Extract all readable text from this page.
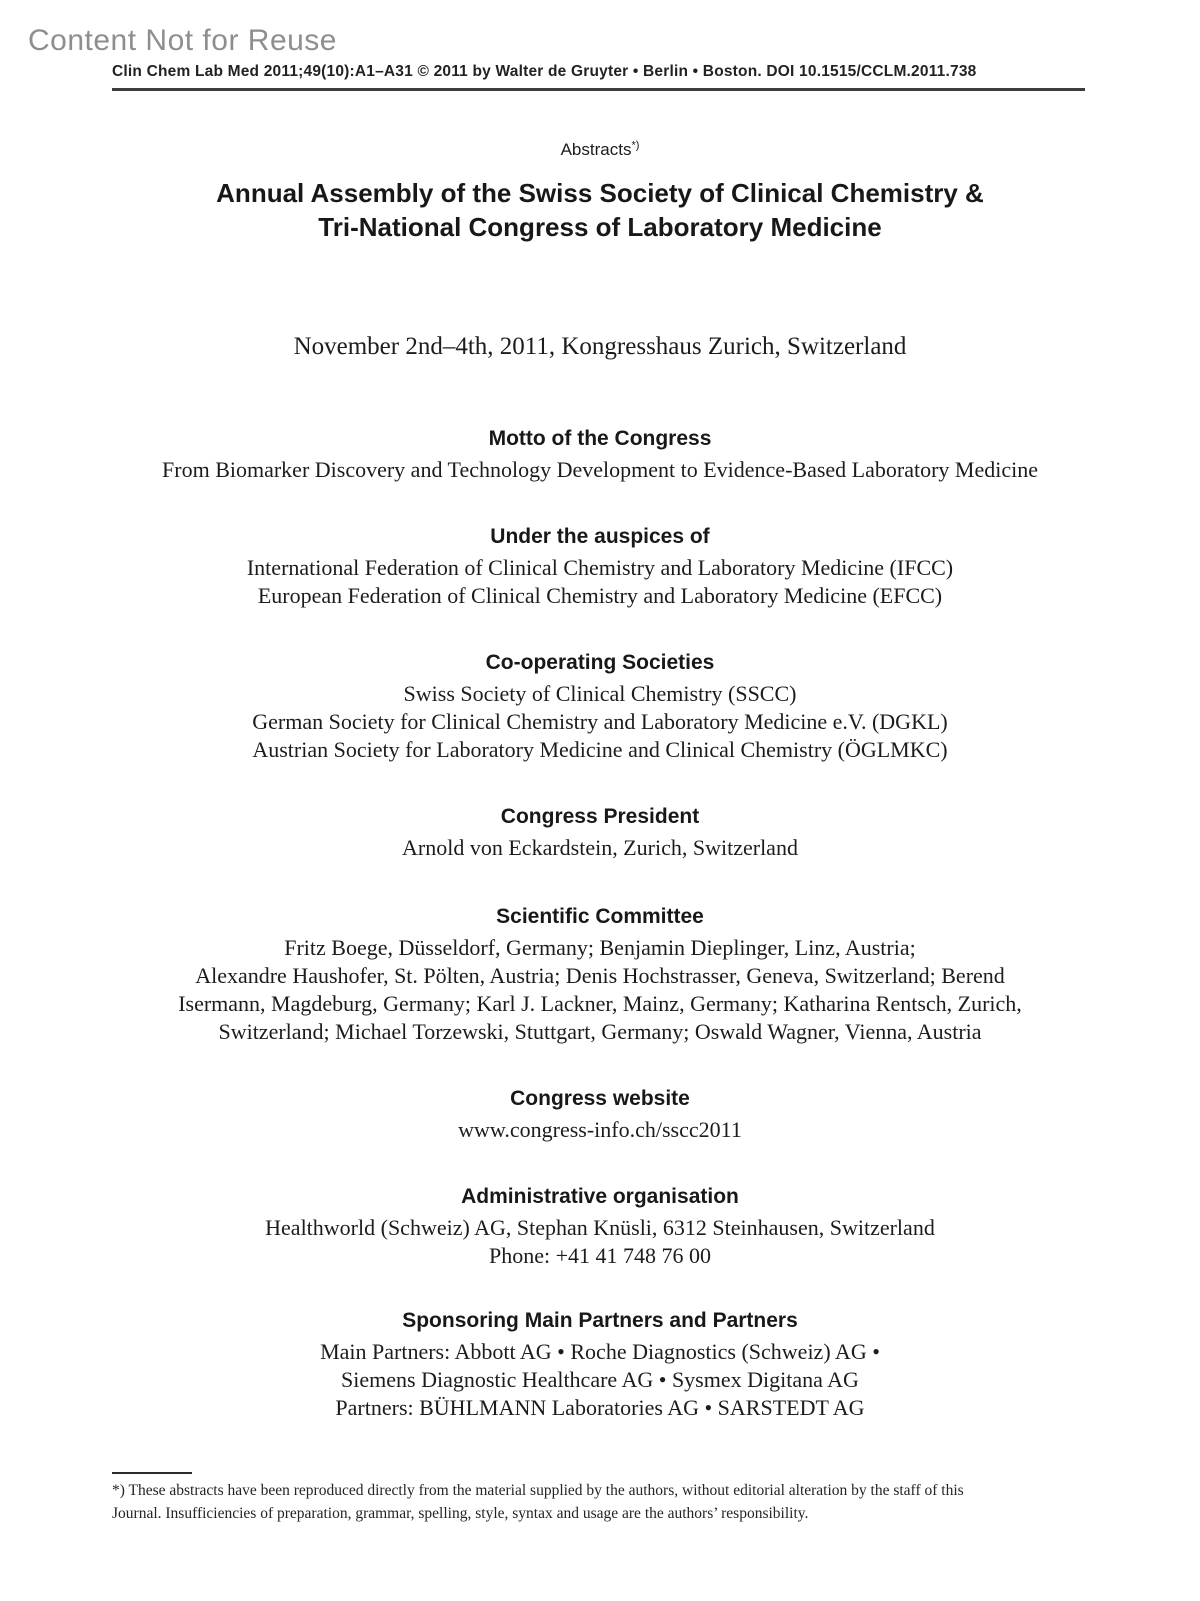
Content Not for Reuse
Clin Chem Lab Med 2011;49(10):A1–A31 © 2011 by Walter de Gruyter • Berlin • Boston. DOI 10.1515/CCLM.2011.738
Abstracts*)
Annual Assembly of the Swiss Society of Clinical Chemistry &
Tri-National Congress of Laboratory Medicine
November 2nd–4th, 2011, Kongresshaus Zurich, Switzerland
Motto of the Congress

From Biomarker Discovery and Technology Development to Evidence-Based Laboratory Medicine

Under the auspices of

International Federation of Clinical Chemistry and Laboratory Medicine (IFCC)

European Federation of Clinical Chemistry and Laboratory Medicine (EFCC)

Co-operating Societies

Swiss Society of Clinical Chemistry (SSCC)

German Society for Clinical Chemistry and Laboratory Medicine e.V. (DGKL)

Austrian Society for Laboratory Medicine and Clinical Chemistry (ÖGLMKC)

Congress President

Arnold von Eckardstein, Zurich, Switzerland

Scientific Committee

Fritz Boege, Düsseldorf, Germany; Benjamin Dieplinger, Linz, Austria;

Alexandre Haushofer, St. Pölten, Austria; Denis Hochstrasser, Geneva, Switzerland; Berend

Isermann, Magdeburg, Germany; Karl J. Lackner, Mainz, Germany; Katharina Rentsch, Zurich,

Switzerland; Michael Torzewski, Stuttgart, Germany; Oswald Wagner, Vienna, Austria

Congress website

www.congress-info.ch/sscc2011

Administrative organisation

Healthworld (Schweiz) AG, Stephan Knüsli, 6312 Steinhausen, Switzerland

Phone: +41 41 748 76 00

Sponsoring Main Partners and Partners

Main Partners: Abbott AG • Roche Diagnostics (Schweiz) AG •

Siemens Diagnostic Healthcare AG • Sysmex Digitana AG

Partners: BÜHLMANN Laboratories AG • SARSTEDT AG

*) These abstracts have been reproduced directly from the material supplied by the authors, without editorial alteration by the staff of this

Journal. Insufficiencies of preparation, grammar, spelling, style, syntax and usage are the authors’ responsibility.
